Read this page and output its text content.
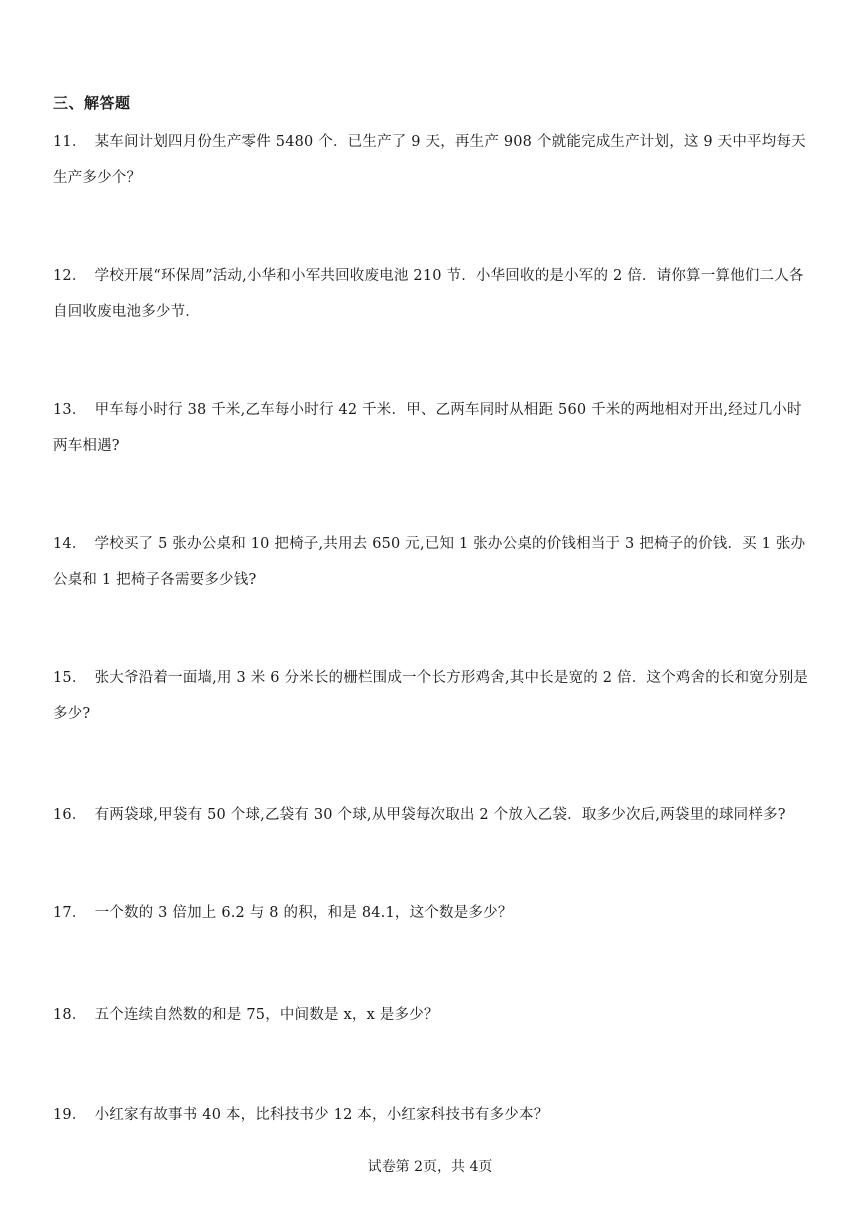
三、解答题
11． 某车间计划四月份生产零件 5480 个．已生产了 9 天，再生产 908 个就能完成生产计划，这 9 天中平均每天生产多少个？
12． 学校开展“环保周”活动,小华和小军共回收废电池 210 节．小华回收的是小军的 2 倍．请你算一算他们二人各自回收废电池多少节．
13． 甲车每小时行 38 千米,乙车每小时行 42 千米．甲、乙两车同时从相距 560 千米的两地相对开出,经过几小时两车相遇?
14． 学校买了 5 张办公桌和 10 把椅子,共用去 650 元,已知 1 张办公桌的价钱相当于 3 把椅子的价钱．买 1 张办公桌和 1 把椅子各需要多少钱?
15． 张大爷沿着一面墙,用 3 米 6 分米长的栅栏围成一个长方形鸡舍,其中长是宽的 2 倍．这个鸡舍的长和宽分别是多少?
16． 有两袋球,甲袋有 50 个球,乙袋有 30 个球,从甲袋每次取出 2 个放入乙袋．取多少次后,两袋里的球同样多?
17． 一个数的 3 倍加上 6.2 与 8 的积，和是 84.1，这个数是多少？
18． 五个连续自然数的和是 75，中间数是 x，x 是多少？
19． 小红家有故事书 40 本，比科技书少 12 本，小红家科技书有多少本？
试卷第 2页，共 4页
